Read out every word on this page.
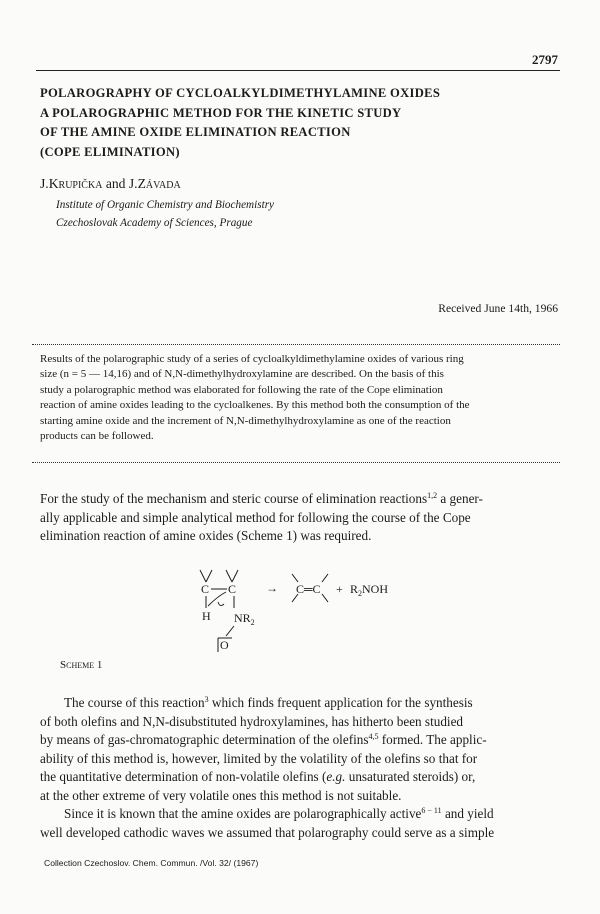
2797
POLAROGRAPHY OF CYCLOALKYLDIMETHYLAMINE OXIDES
A POLAROGRAPHIC METHOD FOR THE KINETIC STUDY
OF THE AMINE OXIDE ELIMINATION REACTION
(COPE ELIMINATION)
J.Krupička and J.Závada
Institute of Organic Chemistry and Biochemistry
Czechoslovak Academy of Sciences, Prague
Received June 14th, 1966
Results of the polarographic study of a series of cycloalkyldimethylamine oxides of various ring
size (n = 5 — 14,16) and of N,N-dimethylhydroxylamine are described. On the basis of this
study a polarographic method was elaborated for following the rate of the Cope elimination
reaction of amine oxides leading to the cycloalkenes. By this method both the consumption of the
starting amine oxide and the increment of N,N-dimethylhydroxylamine as one of the reaction
products can be followed.
For the study of the mechanism and steric course of elimination reactions$^{1,2}$ a gener-
ally applicable and simple analytical method for following the course of the Cope
elimination reaction of amine oxides (Scheme 1) was required.
C C
H $NR_2$
O
→ C═C + $R_2NOH$
Scheme 1
The course of this reaction$^3$ which finds frequent application for the synthesis
of both olefins and N,N-disubstituted hydroxylamines, has hitherto been studied
by means of gas-chromatographic determination of the olefins$^{4,5}$ formed. The applic-
ability of this method is, however, limited by the volatility of the olefins so that for
the quantitative determination of non-volatile olefins (e.g. unsaturated steroids) or,
at the other extreme of very volatile ones this method is not suitable.
Since it is known that the amine oxides are polarographically active$^{6 - 11}$ and yield
well developed cathodic waves we assumed that polarography could serve as a simple
Collection Czechoslov. Chem. Commun. /Vol. 32/ (1967)
